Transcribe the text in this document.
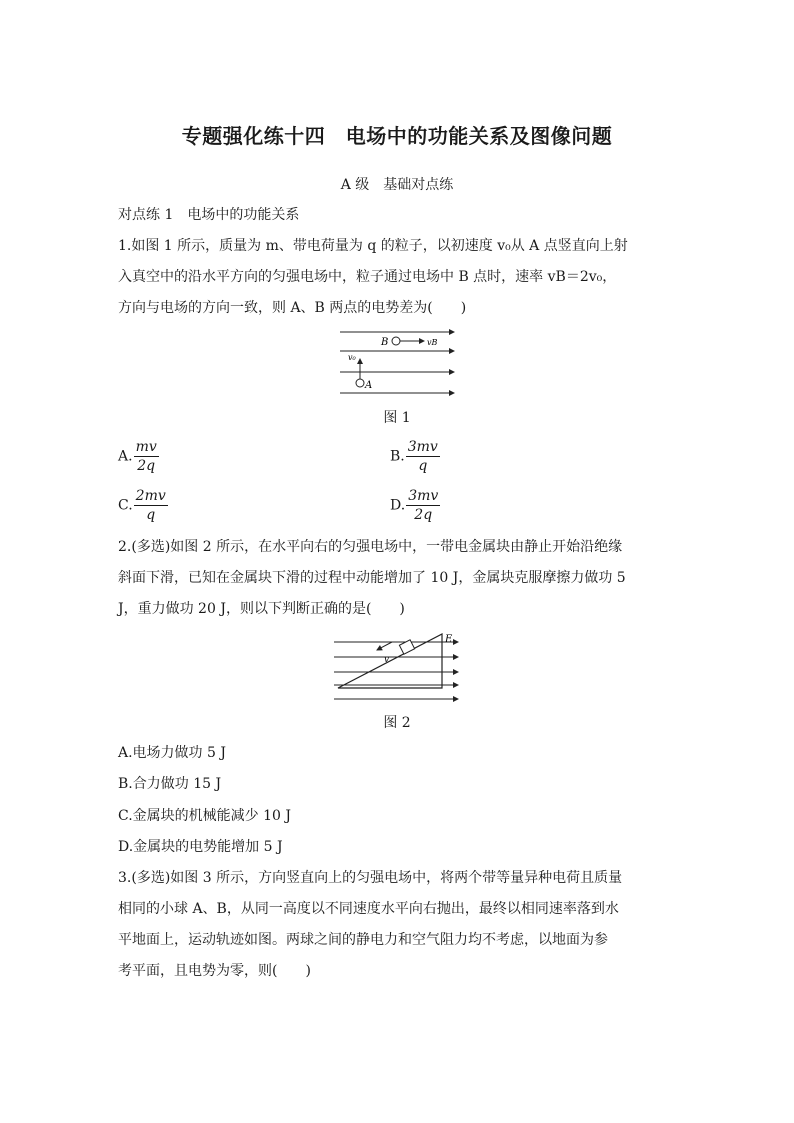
专题强化练十四　电场中的功能关系及图像问题
A 级　基础对点练
对点练 1　电场中的功能关系
1.如图 1 所示，质量为 m、带电荷量为 q 的粒子，以初速度 v₀从 A 点竖直向上射
入真空中的沿水平方向的匀强电场中，粒子通过电场中 B 点时，速率 vB＝2v₀，
方向与电场的方向一致，则 A、B 两点的电势差为(　　)
B	vB
v₀
A
图 1
A. $\frac{mv}{2q}$	B. $\frac{3mv}{q}$
C. $\frac{2mv}{q}$	D. $\frac{3mv}{2q}$
2.(多选)如图 2 所示，在水平向右的匀强电场中，一带电金属块由静止开始沿绝缘
斜面下滑，已知在金属块下滑的过程中动能增加了 10 J，金属块克服摩擦力做功 5
J，重力做功 20 J，则以下判断正确的是(　　)
v
E
图 2
A.电场力做功 5 J
B.合力做功 15 J
C.金属块的机械能减少 10 J
D.金属块的电势能增加 5 J
3.(多选)如图 3 所示，方向竖直向上的匀强电场中，将两个带等量异种电荷且质量
相同的小球 A、B，从同一高度以不同速度水平向右抛出，最终以相同速率落到水
平地面上，运动轨迹如图。两球之间的静电力和空气阻力均不考虑，以地面为参
考平面，且电势为零，则(　　)
